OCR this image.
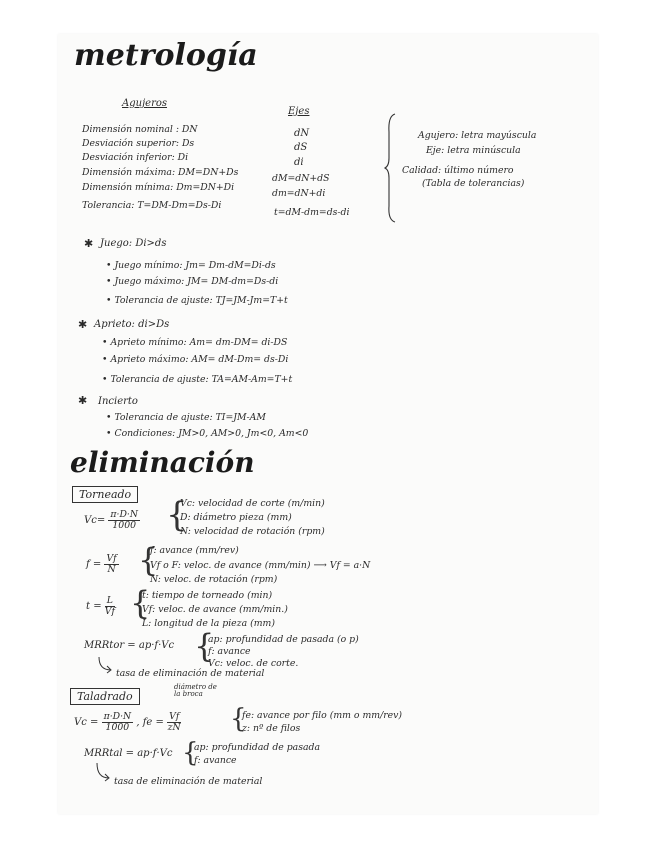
metrología
Agujeros
Ejes
Dimensión nominal : DN
Desviación superior: Ds
Desviación inferior: Di
Dimensión máxima: DM=DN+Ds
Dimensión mínima: Dm=DN+Di
Tolerancia: T=DM-Dm=Ds-Di
dN
dS
di
dM=dN+dS
dm=dN+di
t=dM-dm=ds-di
Agujero: letra mayúscula
Eje: letra minúscula
Calidad: último número
(Tabla de tolerancias)
✱ Juego: Di>ds
• Juego mínimo: Jm= Dm-dM=Di-ds
• Juego máximo: JM= DM-dm=Ds-di
• Tolerancia de ajuste: TJ=JM-Jm=T+t
✱ Aprieto: di>Ds
• Aprieto mínimo: Am= dm-DM= di-DS
• Aprieto máximo: AM= dM-Dm= ds-Di
• Tolerancia de ajuste: TA=AM-Am=T+t
✱ Incierto
• Tolerancia de ajuste: TI=JM-AM
• Condiciones: JM>0, AM>0, Jm<0, Am<0
eliminación
Torneado
$Vc= \frac{\pi\cdot D\cdot N}{1000}$ {
Vc: velocidad de corte (m/min)
D: diámetro pieza (mm)
N: velocidad de rotación (rpm)
$f = \frac{Vf}{N}$ {
f: avance (mm/rev)
Vf o F: veloc. de avance (mm/min) ⟶ Vf = a·N
N: veloc. de rotación (rpm)
$t = \frac{L}{Vf}$ {
t: tiempo de torneado (min)
Vf: veloc. de avance (mm/min.)
L: longitud de la pieza (mm)
MRRtor = ap·f·Vc {
ap: profundidad de pasada (o p)
f: avance
Vc: veloc. de corte.
tasa de eliminación de material
Taladrado
diámetro de la broca
$Vc = \frac{\pi\cdot D\cdot N}{1000}$ , fe = $\frac{Vf}{zN}$ {
fe: avance por filo (mm o mm/rev)
z: nº de filos
MRRtal = ap·f·Vc {
ap: profundidad de pasada
f: avance
tasa de eliminación de material
